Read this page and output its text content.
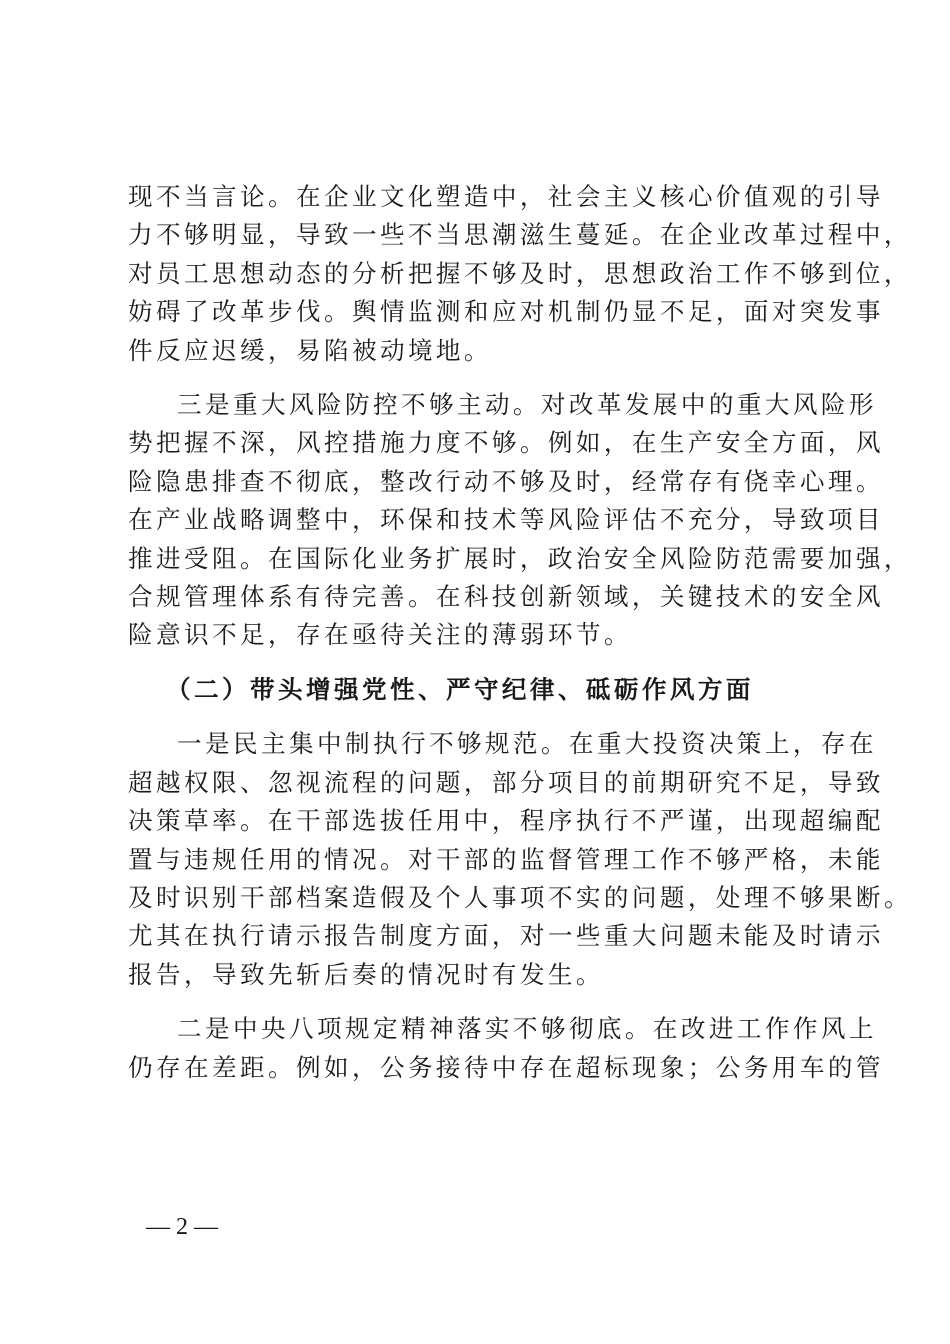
现不当言论。在企业文化塑造中，社会主义核心价值观的引导
力不够明显，导致一些不当思潮滋生蔓延。在企业改革过程中，
对员工思想动态的分析把握不够及时，思想政治工作不够到位，
妨碍了改革步伐。舆情监测和应对机制仍显不足，面对突发事
件反应迟缓，易陷被动境地。

三是重大风险防控不够主动。对改革发展中的重大风险形
势把握不深，风控措施力度不够。例如，在生产安全方面，风
险隐患排查不彻底，整改行动不够及时，经常存有侥幸心理。
在产业战略调整中，环保和技术等风险评估不充分，导致项目
推进受阻。在国际化业务扩展时，政治安全风险防范需要加强，
合规管理体系有待完善。在科技创新领域，关键技术的安全风
险意识不足，存在亟待关注的薄弱环节。

（二）带头增强党性、严守纪律、砥砺作风方面

一是民主集中制执行不够规范。在重大投资决策上，存在
超越权限、忽视流程的问题，部分项目的前期研究不足，导致
决策草率。在干部选拔任用中，程序执行不严谨，出现超编配
置与违规任用的情况。对干部的监督管理工作不够严格，未能
及时识别干部档案造假及个人事项不实的问题，处理不够果断。
尤其在执行请示报告制度方面，对一些重大问题未能及时请示
报告，导致先斩后奏的情况时有发生。

二是中央八项规定精神落实不够彻底。在改进工作作风上
仍存在差距。例如，公务接待中存在超标现象；公务用车的管

— 2 —
